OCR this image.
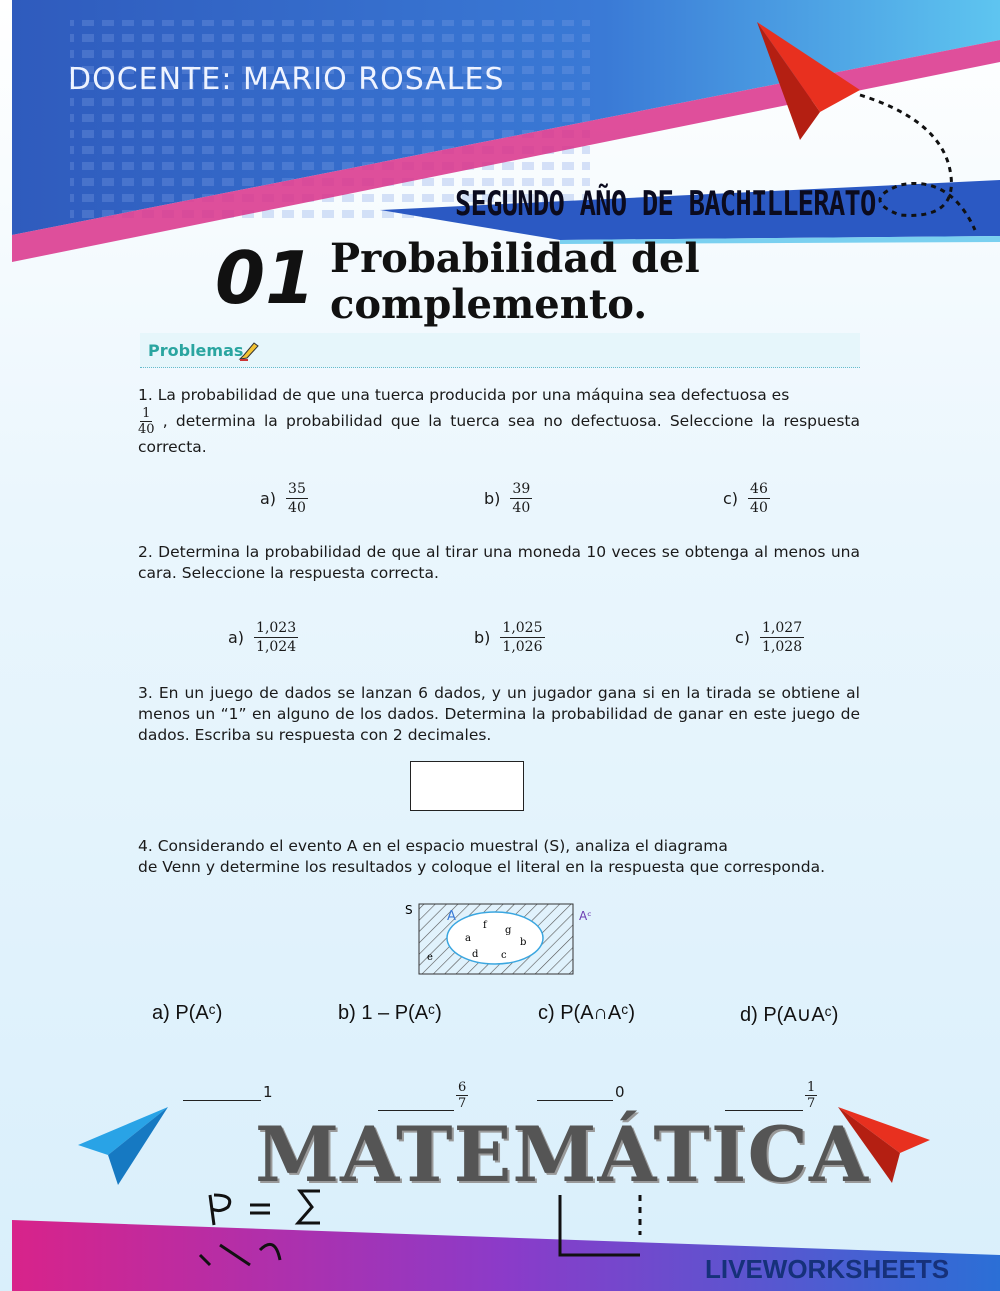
DOCENTE: MARIO ROSALES
SEGUNDO AÑO DE BACHILLERATO
01 Probabilidad del
complemento.
Problemas
1. La probabilidad de que una tuerca producida por una máquina sea defectuosa es

$\frac{1}{40}$ , determina la probabilidad que la tuerca sea no defectuosa. Seleccione la respuesta correcta.
$a) \frac{35}{40}$	$b) \frac{39}{40}$	$c) \frac{46}{40}$
2. Determina la probabilidad de que al tirar una moneda 10 veces se obtenga al menos una cara. Seleccione la respuesta correcta.
$a) \frac{1,023}{1,024}$	$b) \frac{1,025}{1,026}$	$c) \frac{1,027}{1,028}$
3. En un juego de dados se lanzan 6 dados, y un jugador gana si en la tirada se obtiene al menos un “1” en alguno de los dados. Determina la probabilidad de ganar en este juego de dados. Escriba su respuesta con 2 decimales.
4. Considerando el evento A en el espacio muestral (S), analiza el diagrama
de Venn y determine los resultados y coloque el literal en la respuesta que corresponda.
S	A	Aᶜ
a
f g
b
d c
e
a) P(Aᶜ)	b) 1 – P(Aᶜ)	c) P(A∩Aᶜ)	d) P(A∪Aᶜ)
1	$\frac{6}{7}$	0	$\frac{1}{7}$
MATEMÁTICA
LIVEWORKSHEETS
